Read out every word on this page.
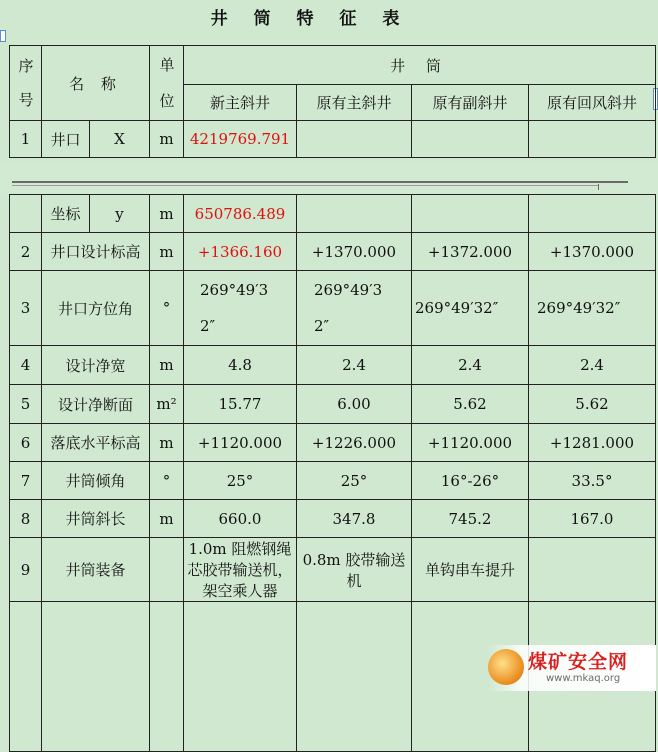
井 筒 特 征 表
序号	名 称		单位	井 筒			
				新主斜井	原有主斜井	原有副斜井	原有回风斜井
1	井口	X	m	4219769.791			
	坐标	y	m	650786.489			
2	井口设计标高		m	+1366.160	+1370.000	+1372.000	+1370.000
3	井口方位角		°	269°49′32″	269°49′32″	269°49′32″	269°49′32″

4	设计净宽		m	4.8	2.4	2.4	2.4
5	设计净断面		m²	15.77	6.00	5.62	5.62
6	落底水平标高		m	+1120.000	+1226.000	+1120.000	+1281.000
7	井筒倾角		°	25°	25°	16°-26°	33.5°
8	井筒斜长		m	660.0	347.8	745.2	167.0
9	井筒装备			1.0m 阻燃钢绳芯胶带输送机，架空乘人器	0.8m 胶带输送机	单钩串车提升	

煤矿安全网
www.mkaq.org
